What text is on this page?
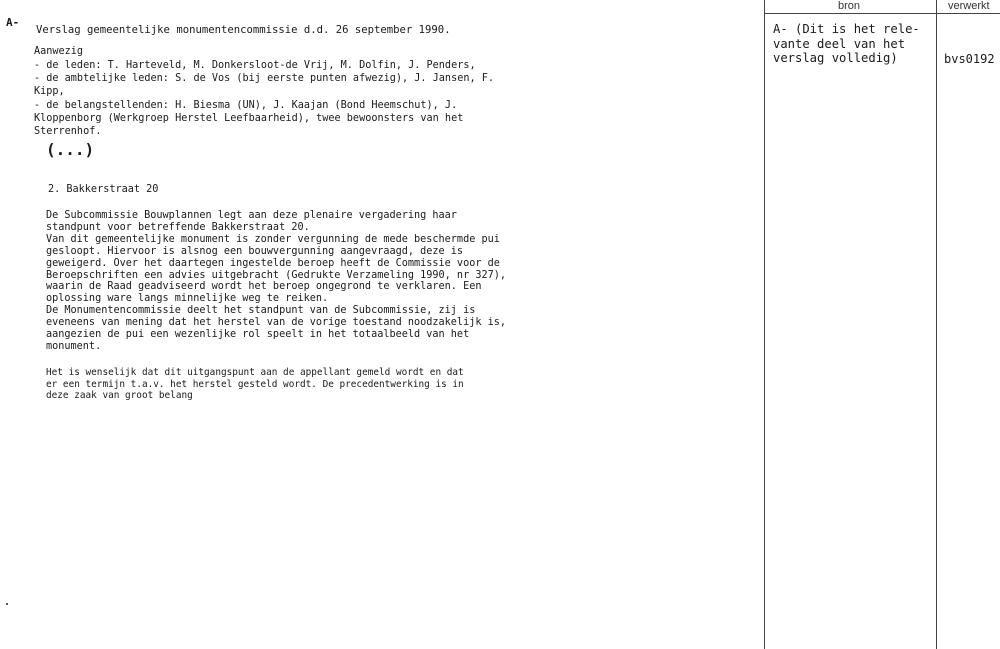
A-
Verslag gemeentelijke monumentencommissie d.d. 26 september 1990.
Aanwezig
- de leden: T. Harteveld, M. Donkersloot-de Vrij, M. Dolfin, J. Penders,
- de ambtelijke leden: S. de Vos (bij eerste punten afwezig), J. Jansen, F.
Kipp,
- de belangstellenden: H. Biesma (UN), J. Kaajan (Bond Heemschut), J.
Kloppenborg (Werkgroep Herstel Leefbaarheid), twee bewoonsters van het
Sterrenhof.
(...)
2. Bakkerstraat 20
De Subcommissie Bouwplannen legt aan deze plenaire vergadering haar
standpunt voor betreffende Bakkerstraat 20.
Van dit gemeentelijke monument is zonder vergunning de mede beschermde pui
gesloopt. Hiervoor is alsnog een bouwvergunning aangevraagd, deze is
geweigerd. Over het daartegen ingestelde beroep heeft de Commissie voor de
Beroepschriften een advies uitgebracht (Gedrukte Verzameling 1990, nr 327),
waarin de Raad geadviseerd wordt het beroep ongegrond te verklaren. Een
oplossing ware langs minnelijke weg te reiken.
De Monumentencommissie deelt het standpunt van de Subcommissie, zij is
eveneens van mening dat het herstel van de vorige toestand noodzakelijk is,
aangezien de pui een wezenlijke rol speelt in het totaalbeeld van het
monument.
Het is wenselijk dat dit uitgangspunt aan de appellant gemeld wordt en dat
er een termijn t.a.v. het herstel gesteld wordt. De precedentwerking is in
deze zaak van groot belang
bron	verwerkt
A- (Dit is het rele-
vante deel van het
verslag volledig)	bvs0192
